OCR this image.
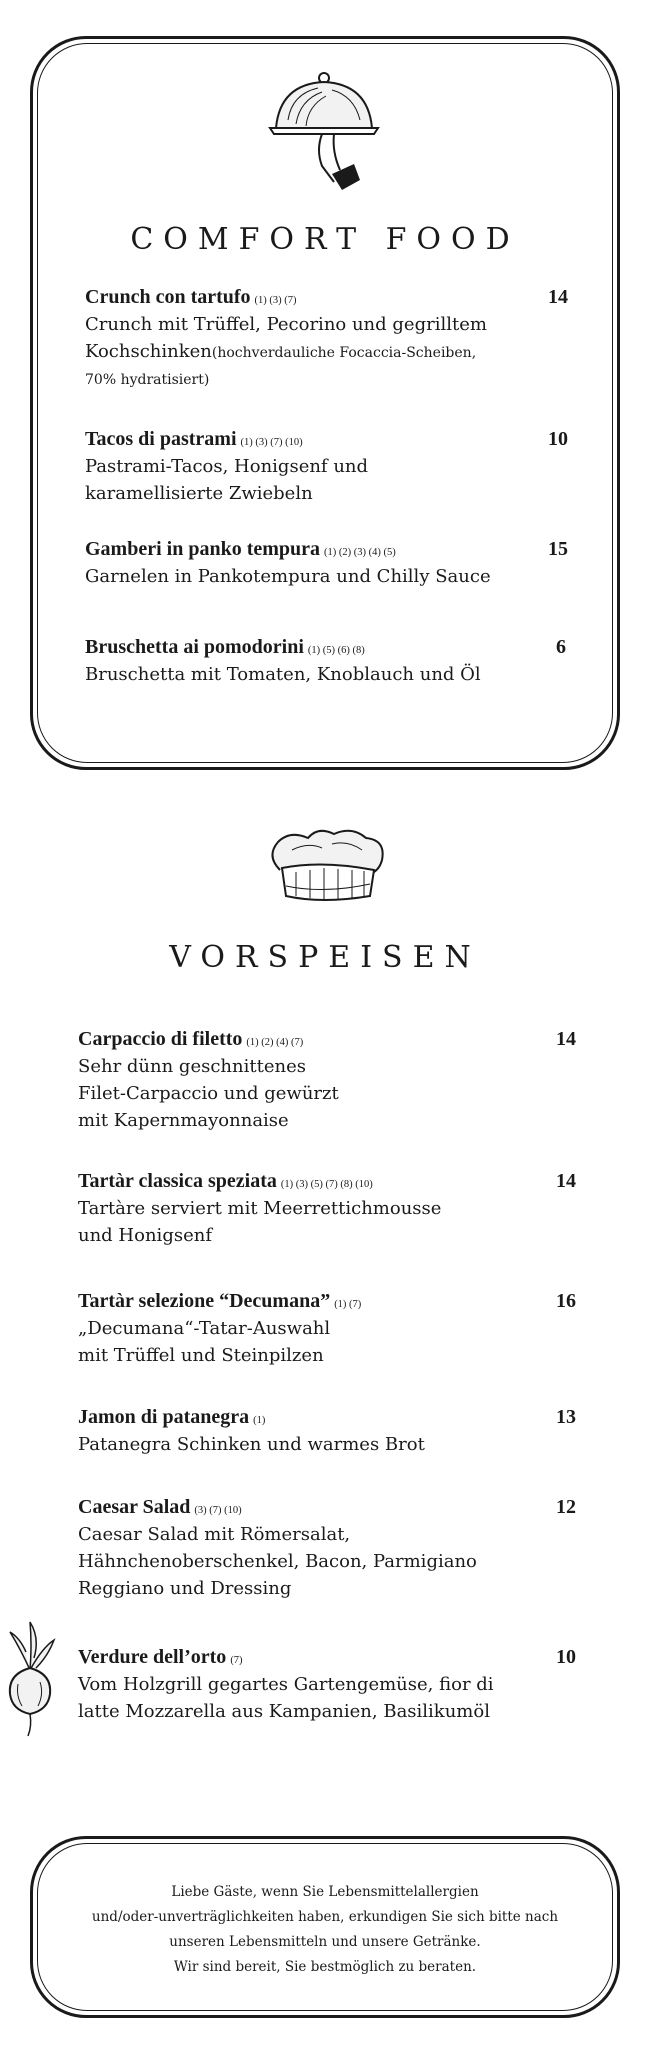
COMFORT FOOD
Crunch con tartufo (1) (3) (7)
Crunch mit Trüffel, Pecorino und gegrilltem
Kochschinken(hochverdauliche Focaccia-Scheiben,
70% hydratisiert)
14
Tacos di pastrami (1) (3) (7) (10)
Pastrami-Tacos, Honigsenf und
karamellisierte Zwiebeln
10
Gamberi in panko tempura (1) (2) (3) (4) (5)
Garnelen in Pankotempura und Chilly Sauce
15
Bruschetta ai pomodorini (1) (5) (6) (8)
Bruschetta mit Tomaten, Knoblauch und Öl
6
VORSPEISEN
Carpaccio di filetto (1) (2) (4) (7)
Sehr dünn geschnittenes
Filet-Carpaccio und gewürzt
mit Kapernmayonnaise
14
Tartàr classica speziata (1) (3) (5) (7) (8) (10)
Tartàre serviert mit Meerrettichmousse
und Honigsenf
14
Tartàr selezione “Decumana” (1) (7)
„Decumana“-Tatar-Auswahl
mit Trüffel und Steinpilzen
16
Jamon di patanegra (1)
Patanegra Schinken und warmes Brot
13
Caesar Salad (3) (7) (10)
Caesar Salad mit Römersalat,
Hähnchenoberschenkel, Bacon, Parmigiano
Reggiano und Dressing
12
Verdure dell’orto (7)
Vom Holzgrill gegartes Gartengemüse, fior di
latte Mozzarella aus Kampanien, Basilikumöl
10
Liebe Gäste, wenn Sie Lebensmittelallergien
und/oder-unverträglichkeiten haben, erkundigen Sie sich bitte nach
unseren Lebensmitteln und unsere Getränke.
Wir sind bereit, Sie bestmöglich zu beraten.
